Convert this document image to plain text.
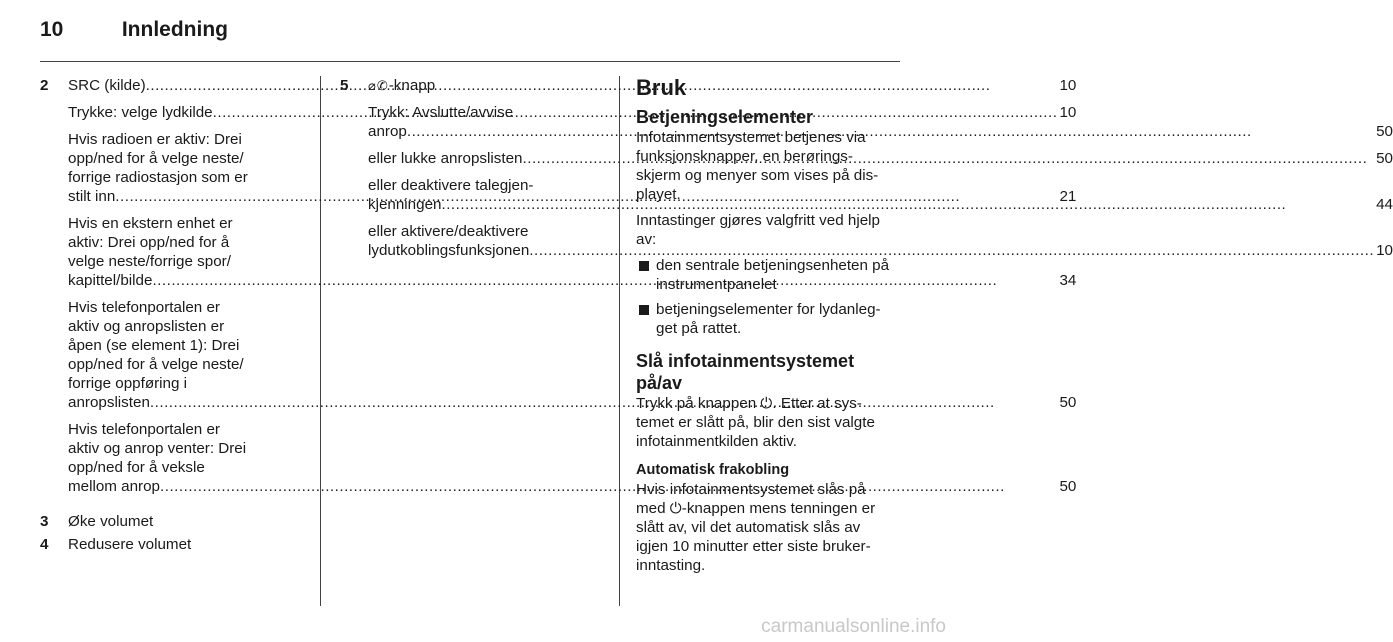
10	Innledning
2	SRC (kilde) .....	10
Trykke: velge lydkilde .....	10
Hvis radioen er aktiv: Drei
opp/ned for å velge neste/
forrige radiostasjon som er
stilt inn .....	21
Hvis en ekstern enhet er
aktiv: Drei opp/ned for å
velge neste/forrige spor/
kapittel/bilde .....	34
Hvis telefonportalen er
aktiv og anropslisten er
åpen (se element 1): Drei
opp/ned for å velge neste/
forrige oppføring i
anropslisten .....	50
Hvis telefonportalen er
aktiv og anrop venter: Drei
opp/ned for å veksle
mellom anrop .....	50
3	Øke volumet
4	Redusere volumet
5	⌀✆-knapp
Trykk: Avslutte/avvise
anrop .....	50
eller lukke anropslisten .....	50
eller deaktivere talegjen-
kjenningen .....	44
eller aktivere/deaktivere
lydutkoblingsfunksjonen .....	10
Bruk
Betjeningselementer
Infotainmentsystemet betjenes via
funksjonsknapper, en berørings-
skjerm og menyer som vises på dis-
playet.
Inntastinger gjøres valgfritt ved hjelp
av:
den sentrale betjeningsenheten på
instrumentpanelet
betjeningselementer for lydanleg-
get på rattet.
Slå infotainmentsystemet på/av
Trykk på knappen ⏻. Etter at sys-
temet er slått på, blir den sist valgte
infotainmentkilden aktiv.
Automatisk frakobling
Hvis infotainmentsystemet slås på
med ⏻-knappen mens tenningen er
slått av, vil det automatisk slås av
igjen 10 minutter etter siste bruker-
inntasting.
carmanualsonline.info
